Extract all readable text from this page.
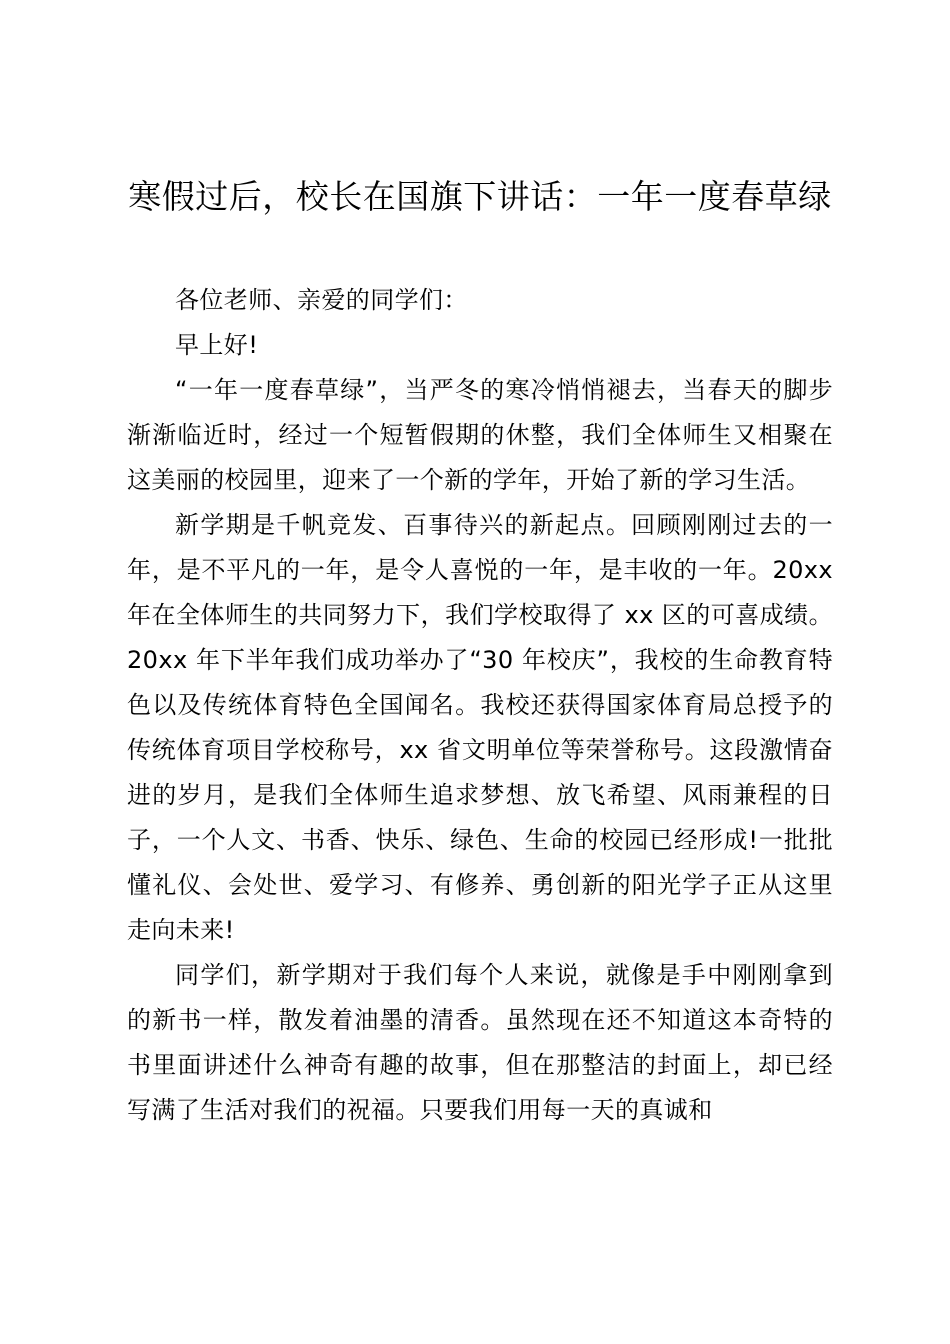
寒假过后，校长在国旗下讲话：一年一度春草绿

各位老师、亲爱的同学们：

早上好!

“一年一度春草绿”，当严冬的寒冷悄悄褪去，当春天的脚步渐渐临近时，经过一个短暂假期的休整，我们全体师生又相聚在这美丽的校园里，迎来了一个新的学年，开始了新的学习生活。

新学期是千帆竞发、百事待兴的新起点。回顾刚刚过去的一年，是不平凡的一年，是令人喜悦的一年，是丰收的一年。20xx 年在全体师生的共同努力下，我们学校取得了 xx 区的可喜成绩。20xx 年下半年我们成功举办了“30 年校庆”，我校的生命教育特色以及传统体育特色全国闻名。我校还获得国家体育局总授予的传统体育项目学校称号，xx 省文明单位等荣誉称号。这段激情奋进的岁月，是我们全体师生追求梦想、放飞希望、风雨兼程的日子，一个人文、书香、快乐、绿色、生命的校园已经形成!一批批懂礼仪、会处世、爱学习、有修养、勇创新的阳光学子正从这里走向未来!

同学们，新学期对于我们每个人来说，就像是手中刚刚拿到的新书一样，散发着油墨的清香。虽然现在还不知道这本奇特的书里面讲述什么神奇有趣的故事，但在那整洁的封面上，却已经写满了生活对我们的祝福。只要我们用每一天的真诚和
